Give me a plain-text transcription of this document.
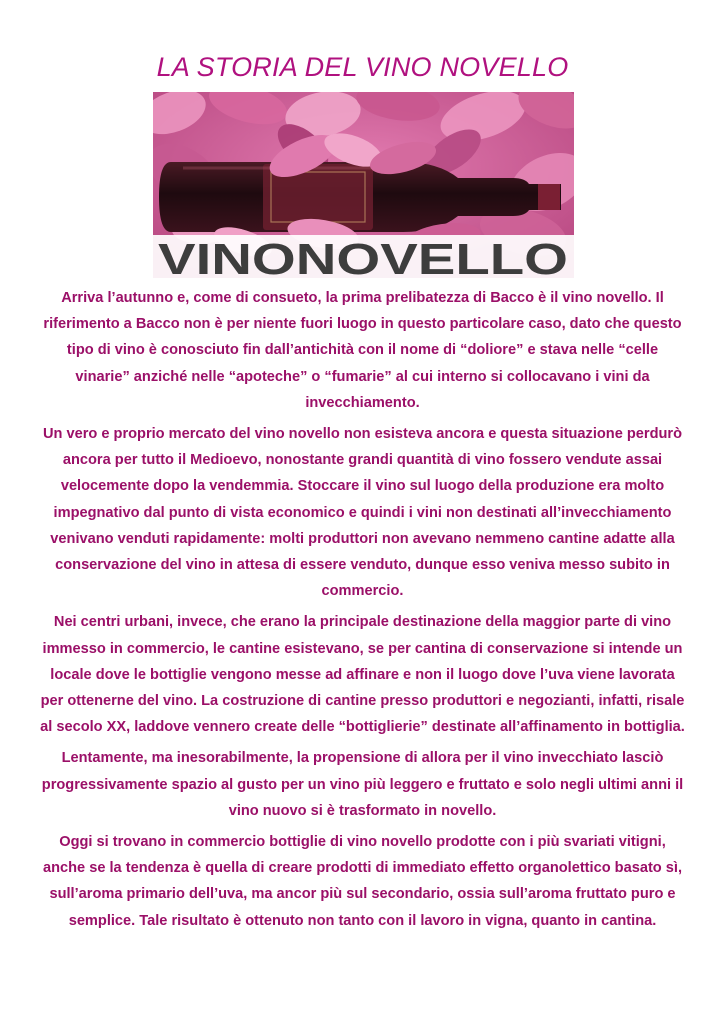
LA STORIA DEL VINO NOVELLO
VINONOVELLO

Arriva l’autunno e, come di consueto, la prima prelibatezza di Bacco è il vino novello. Il riferimento a Bacco non è per niente fuori luogo in questo particolare caso, dato che questo tipo di vino è conosciuto fin dall’antichità con il nome di “doliore” e stava nelle “celle vinarie” anziché nelle “apoteche” o “fumarie” al cui interno si collocavano i vini da invecchiamento.

Un vero e proprio mercato del vino novello non esisteva ancora e questa situazione perdurò ancora per tutto il Medioevo, nonostante grandi quantità di vino fossero vendute assai velocemente dopo la vendemmia. Stoccare il vino sul luogo della produzione era molto impegnativo dal punto di vista economico e quindi i vini non destinati all’invecchiamento venivano venduti rapidamente: molti produttori non avevano nemmeno cantine adatte alla conservazione del vino in attesa di essere venduto, dunque esso veniva messo subito in commercio.

Nei centri urbani, invece, che erano la principale destinazione della maggior parte di vino immesso in commercio, le cantine esistevano, se per cantina di conservazione si intende un locale dove le bottiglie vengono messe ad affinare e non il luogo dove l’uva viene lavorata per ottenerne del vino. La costruzione di cantine presso produttori e negozianti, infatti, risale al secolo XX, laddove vennero create delle “bottiglierie” destinate all’affinamento in bottiglia.

Lentamente, ma inesorabilmente, la propensione di allora per il vino invecchiato lasciò progressivamente spazio al gusto per un vino più leggero e fruttato e solo negli ultimi anni il vino nuovo si è trasformato in novello.

Oggi si trovano in commercio bottiglie di vino novello prodotte con i più svariati vitigni, anche se la tendenza è quella di creare prodotti di immediato effetto organolettico basato sì, sull’aroma primario dell’uva, ma ancor più sul secondario, ossia sull’aroma fruttato puro e semplice. Tale risultato è ottenuto non tanto con il lavoro in vigna, quanto in cantina.
